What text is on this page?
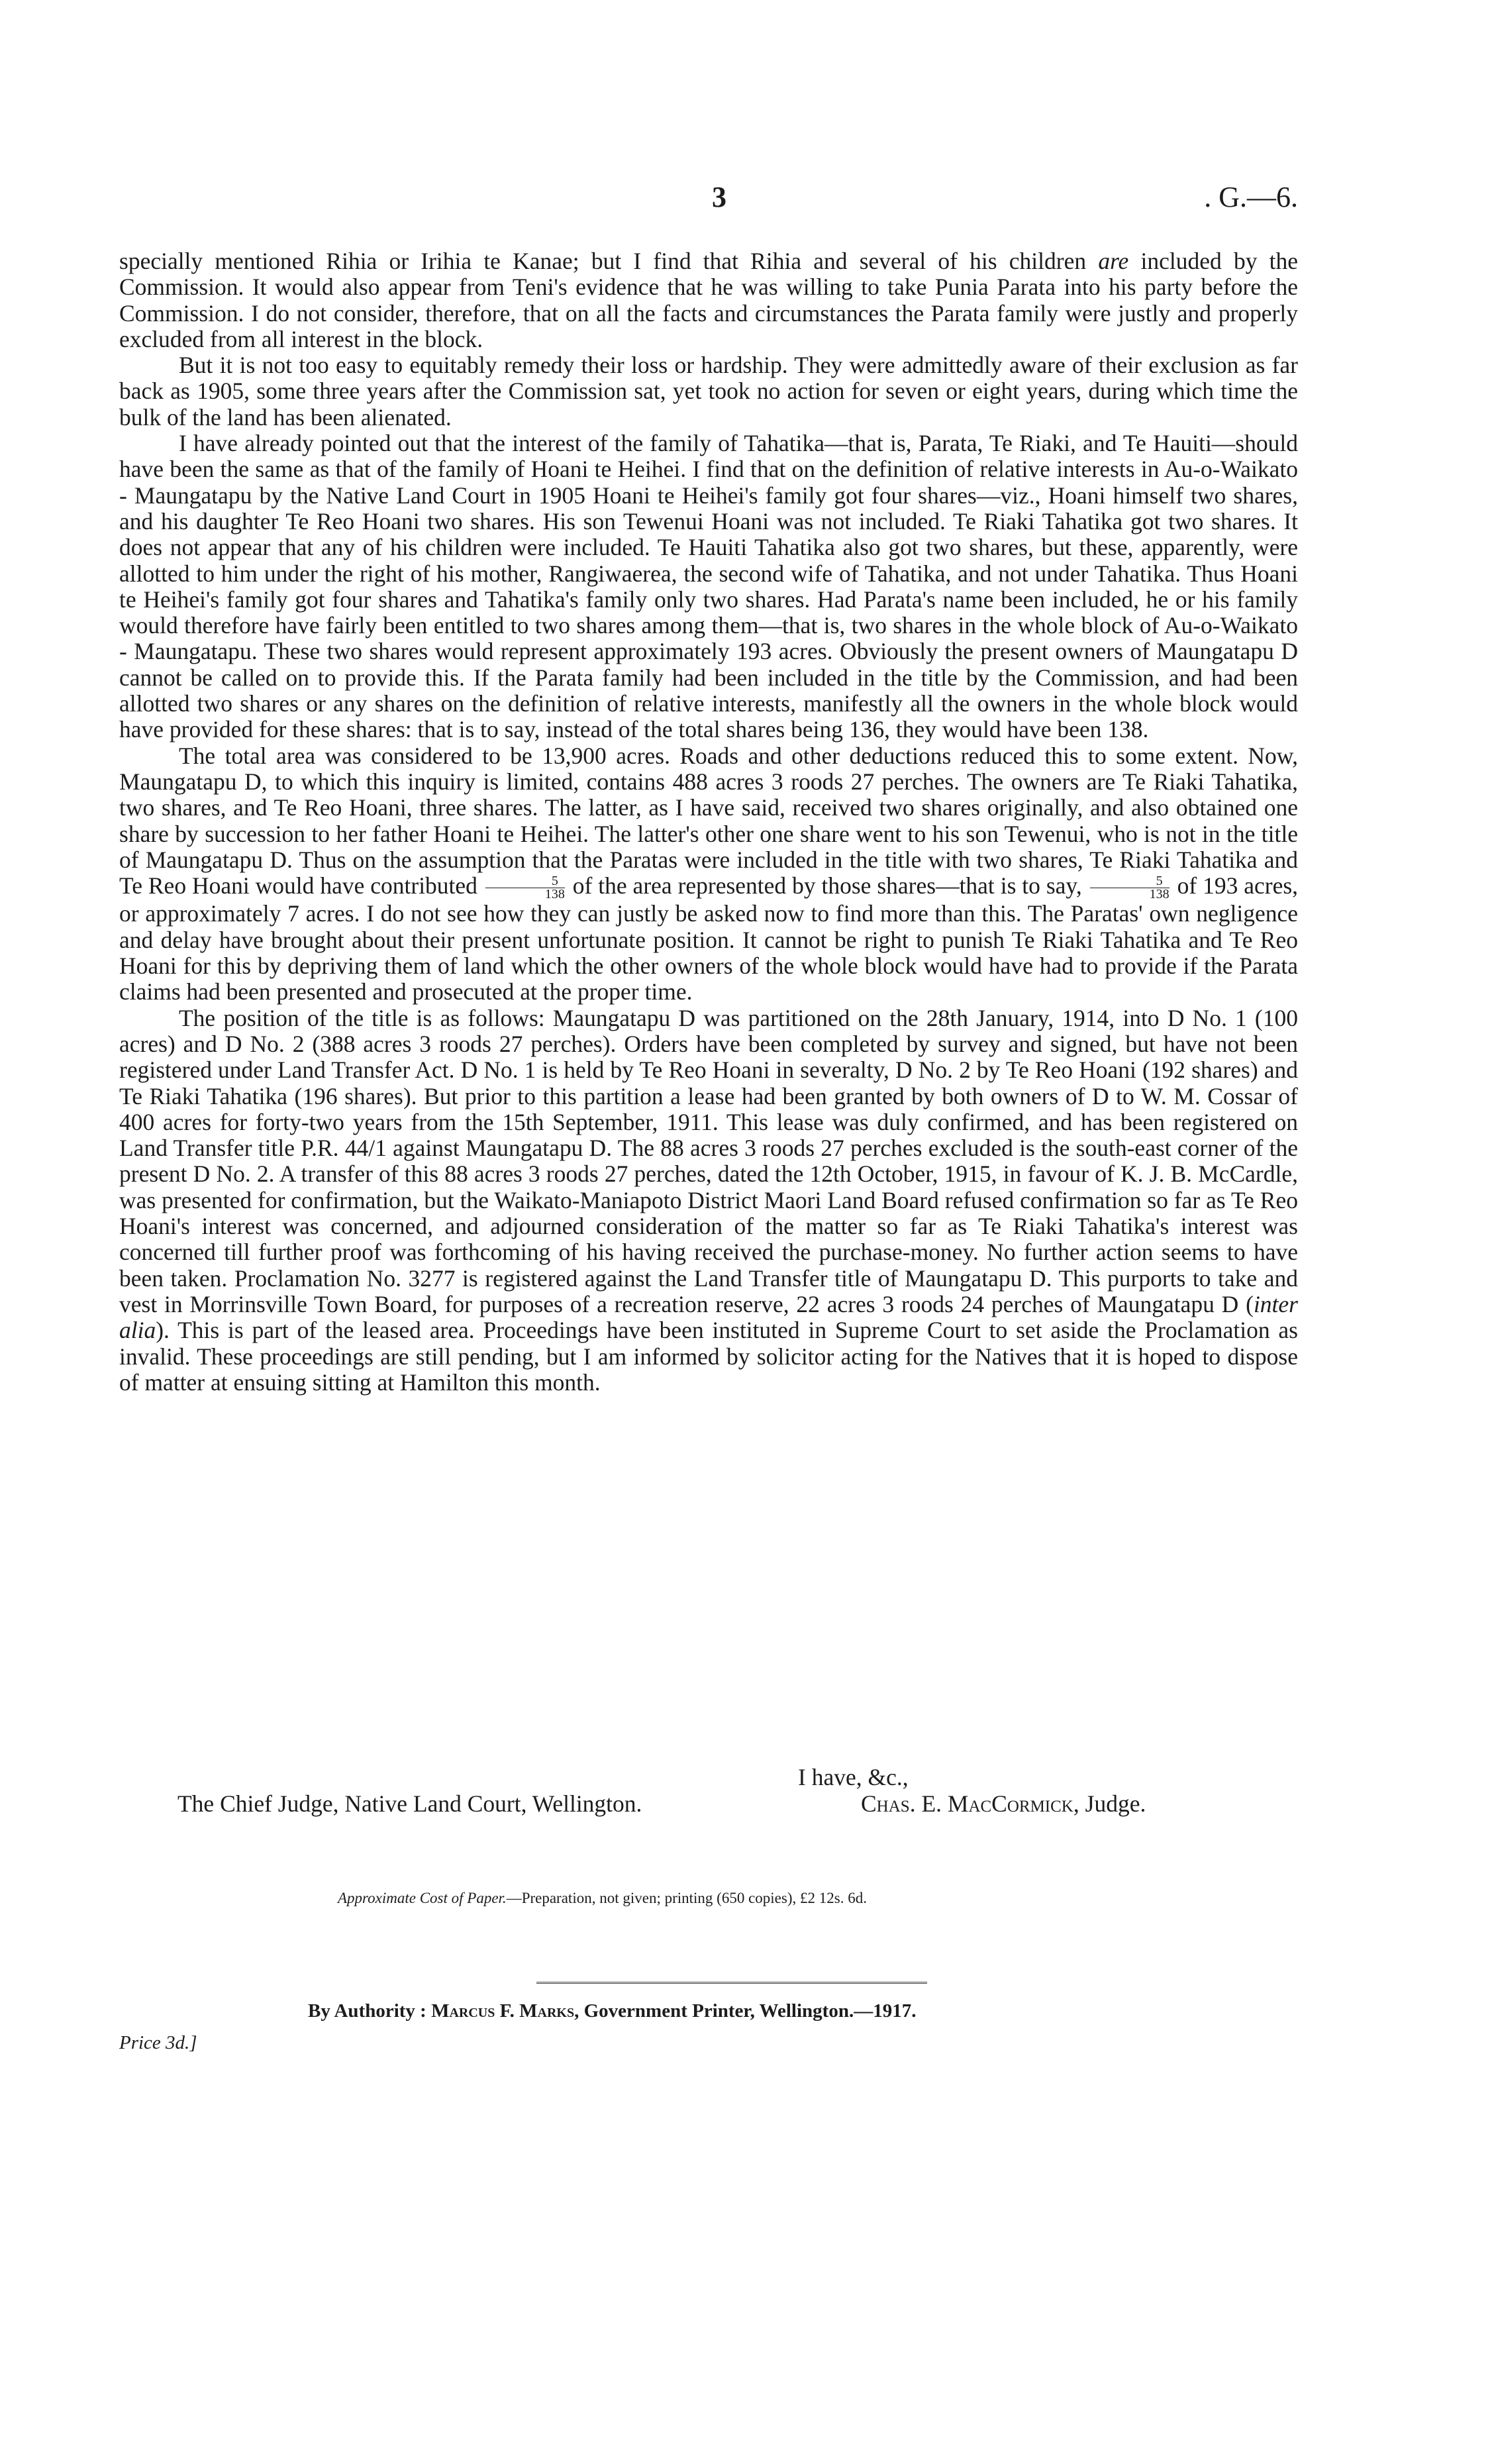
3	. G.—6.

specially mentioned Rihia or Irihia te Kanae; but I find that Rihia and several of his children are included by the Commission. It would also appear from Teni's evidence that he was willing to take Punia Parata into his party before the Commission. I do not consider, therefore, that on all the facts and circumstances the Parata family were justly and properly excluded from all interest in the block.

But it is not too easy to equitably remedy their loss or hardship. They were admittedly aware of their exclusion as far back as 1905, some three years after the Commission sat, yet took no action for seven or eight years, during which time the bulk of the land has been alienated.

I have already pointed out that the interest of the family of Tahatika—that is, Parata, Te Riaki, and Te Hauiti—should have been the same as that of the family of Hoani te Heihei. I find that on the definition of relative interests in Au-o-Waikato - Maungatapu by the Native Land Court in 1905 Hoani te Heihei's family got four shares—viz., Hoani himself two shares, and his daughter Te Reo Hoani two shares. His son Tewenui Hoani was not included. Te Riaki Tahatika got two shares. It does not appear that any of his children were included. Te Hauiti Tahatika also got two shares, but these, apparently, were allotted to him under the right of his mother, Rangiwaerea, the second wife of Tahatika, and not under Tahatika. Thus Hoani te Heihei's family got four shares and Tahatika's family only two shares. Had Parata's name been included, he or his family would therefore have fairly been entitled to two shares among them—that is, two shares in the whole block of Au-o-Waikato - Maungatapu. These two shares would represent approximately 193 acres. Obviously the present owners of Maungatapu D cannot be called on to provide this. If the Parata family had been included in the title by the Commission, and had been allotted two shares or any shares on the definition of relative interests, manifestly all the owners in the whole block would have provided for these shares: that is to say, instead of the total shares being 136, they would have been 138.

The total area was considered to be 13,900 acres. Roads and other deductions reduced this to some extent. Now, Maungatapu D, to which this inquiry is limited, contains 488 acres 3 roods 27 perches. The owners are Te Riaki Tahatika, two shares, and Te Reo Hoani, three shares. The latter, as I have said, received two shares originally, and also obtained one share by succession to her father Hoani te Heihei. The latter's other one share went to his son Tewenui, who is not in the title of Maungatapu D. Thus on the assumption that the Paratas were included in the title with two shares, Te Riaki Tahatika and Te Reo Hoani would have contributed $\frac{5}{138}$ of the area represented by those shares—that is to say, $\frac{5}{138}$ of 193 acres, or approximately 7 acres. I do not see how they can justly be asked now to find more than this. The Paratas' own negligence and delay have brought about their present unfortunate position. It cannot be right to punish Te Riaki Tahatika and Te Reo Hoani for this by depriving them of land which the other owners of the whole block would have had to provide if the Parata claims had been presented and prosecuted at the proper time.

The position of the title is as follows: Maungatapu D was partitioned on the 28th January, 1914, into D No. 1 (100 acres) and D No. 2 (388 acres 3 roods 27 perches). Orders have been completed by survey and signed, but have not been registered under Land Transfer Act. D No. 1 is held by Te Reo Hoani in severalty, D No. 2 by Te Reo Hoani (192 shares) and Te Riaki Tahatika (196 shares). But prior to this partition a lease had been granted by both owners of D to W. M. Cossar of 400 acres for forty-two years from the 15th September, 1911. This lease was duly confirmed, and has been registered on Land Transfer title P.R. 44/1 against Maungatapu D. The 88 acres 3 roods 27 perches excluded is the south-east corner of the present D No. 2. A transfer of this 88 acres 3 roods 27 perches, dated the 12th October, 1915, in favour of K. J. B. McCardle, was presented for confirmation, but the Waikato-Maniapoto District Maori Land Board refused confirmation so far as Te Reo Hoani's interest was concerned, and adjourned consideration of the matter so far as Te Riaki Tahatika's interest was concerned till further proof was forthcoming of his having received the purchase-money. No further action seems to have been taken. Proclamation No. 3277 is registered against the Land Transfer title of Maungatapu D. This purports to take and vest in Morrinsville Town Board, for purposes of a recreation reserve, 22 acres 3 roods 24 perches of Maungatapu D (inter alia). This is part of the leased area. Proceedings have been instituted in Supreme Court to set aside the Proclamation as invalid. These proceedings are still pending, but I am informed by solicitor acting for the Natives that it is hoped to dispose of matter at ensuing sitting at Hamilton this month.

I have, &c.,
The Chief Judge, Native Land Court, Wellington.	Chas. E. MacCormick, Judge.
Approximate Cost of Paper.—Preparation, not given; printing (650 copies), £2 12s. 6d.
By Authority : Marcus F. Marks, Government Printer, Wellington.—1917.
Price 3d.]
